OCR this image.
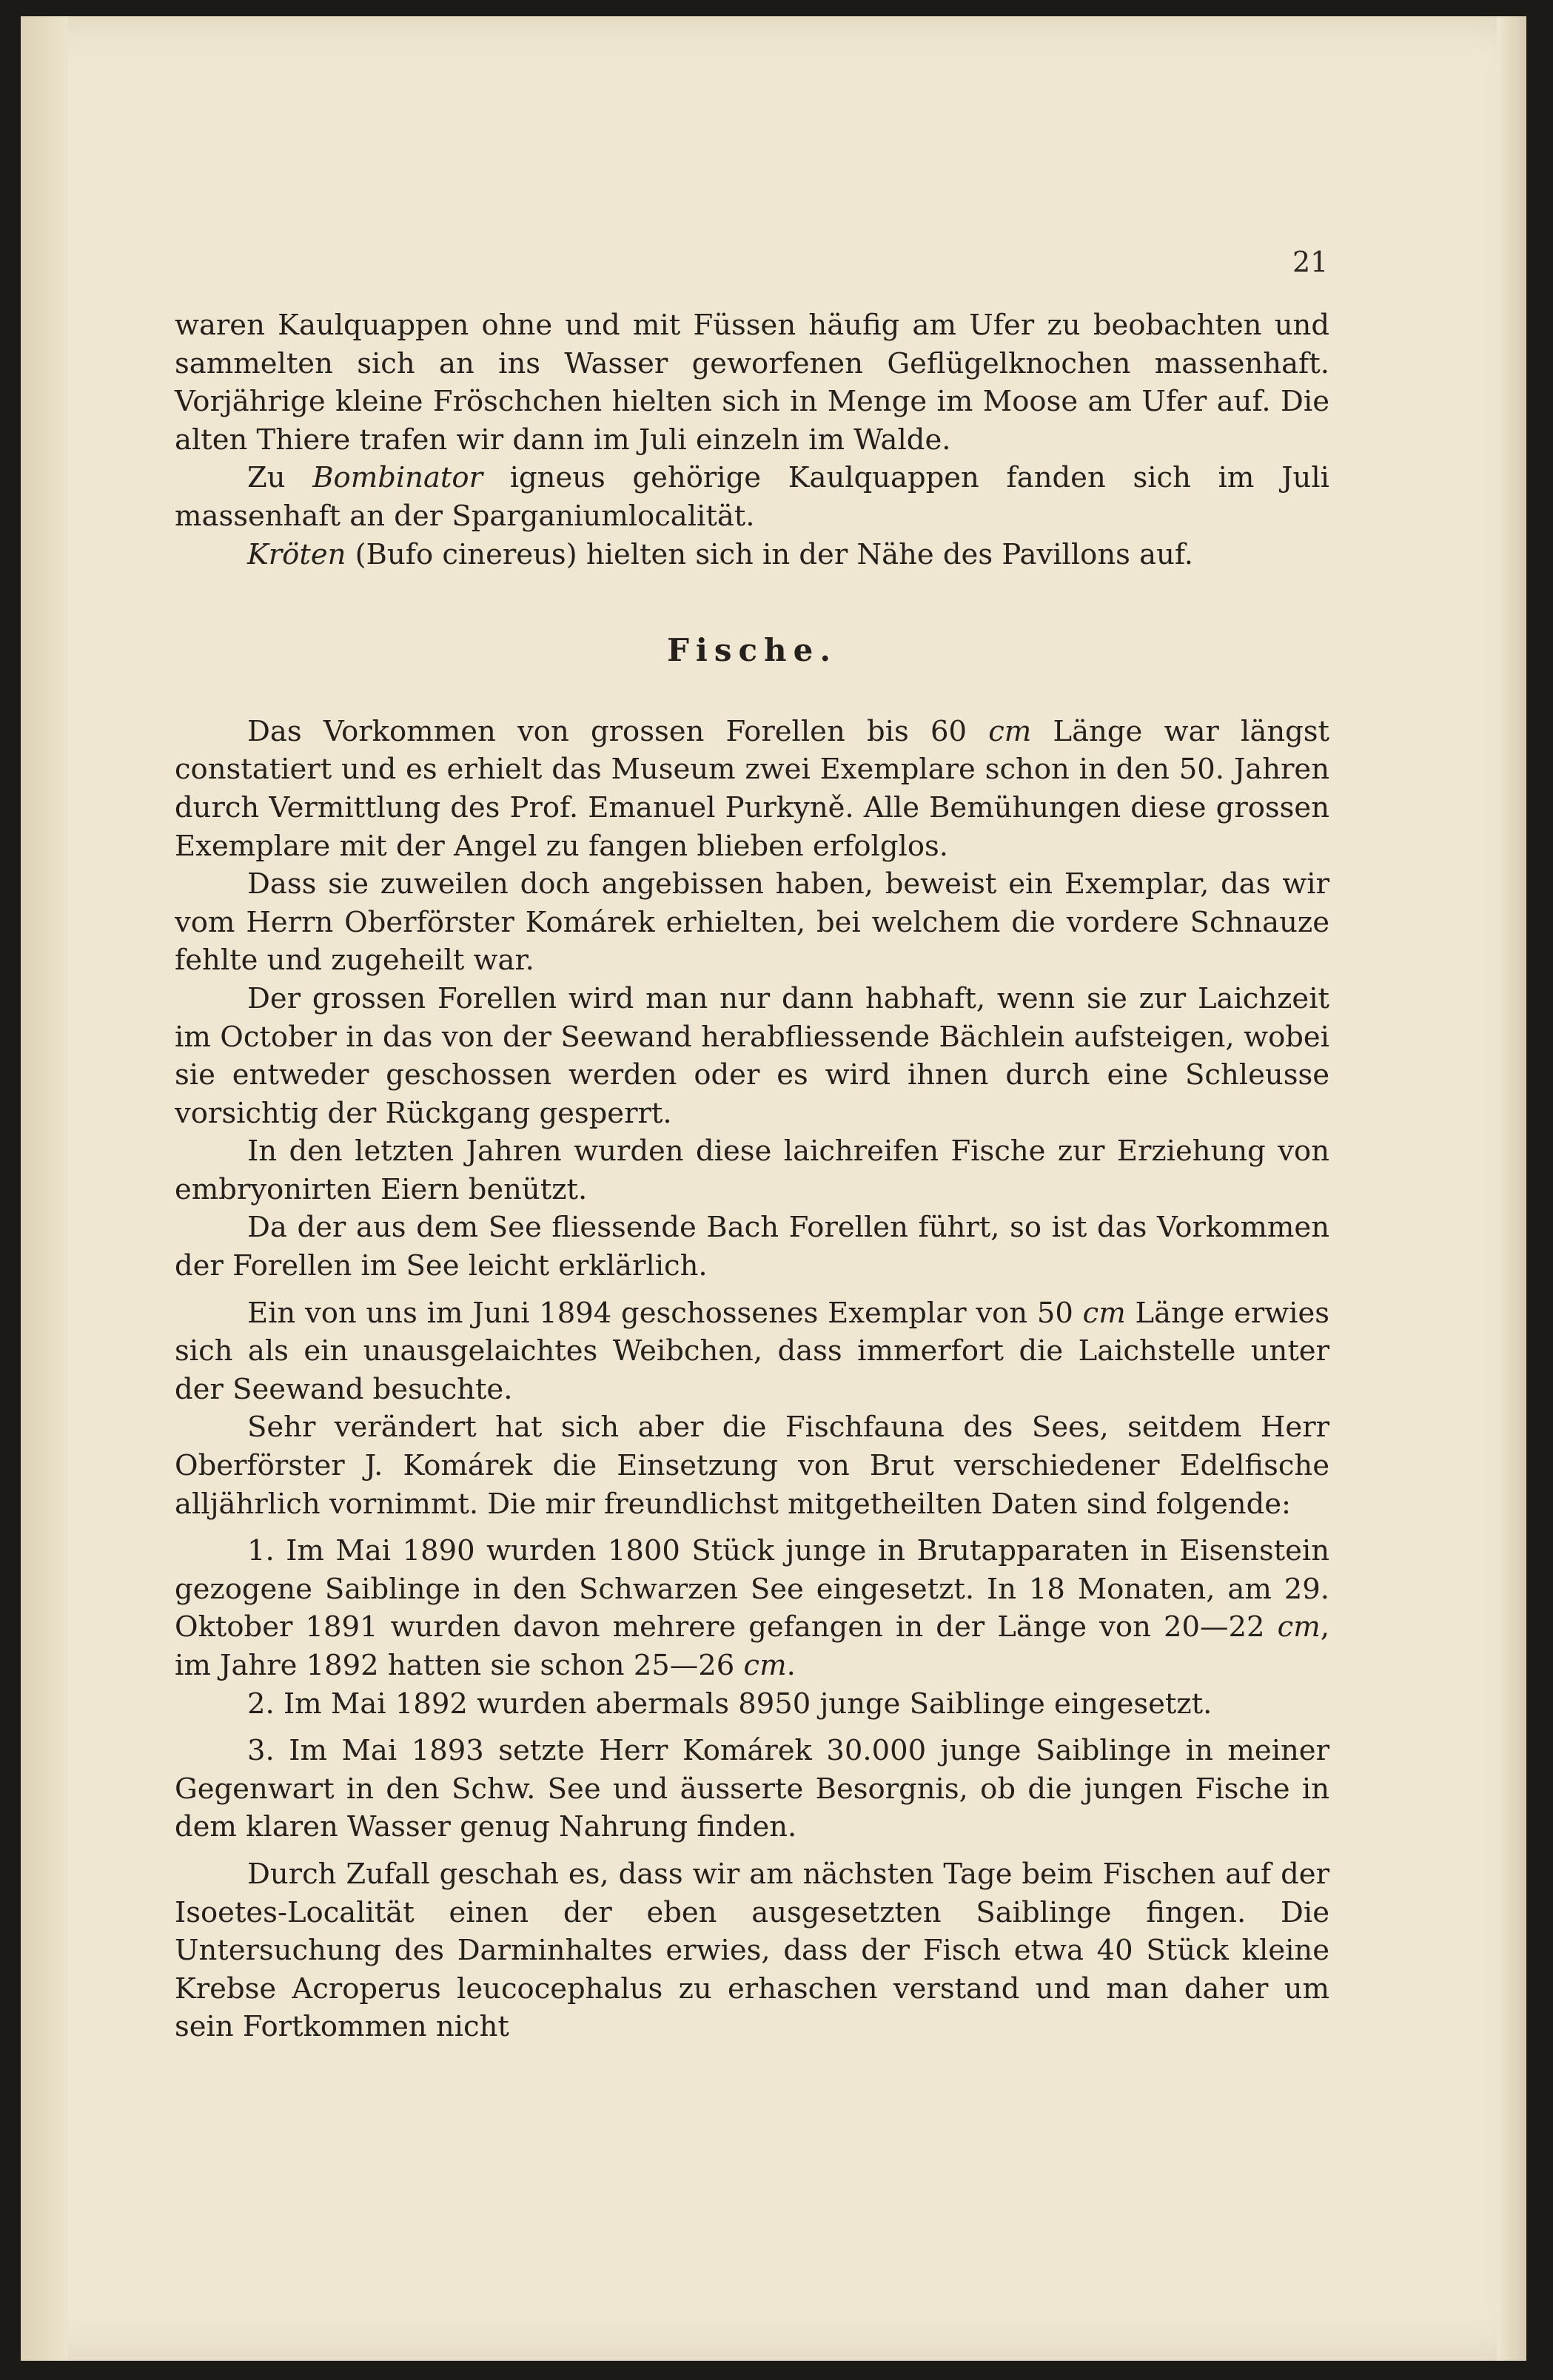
21

waren Kaulquappen ohne und mit Füssen häufig am Ufer zu beobachten und sammelten sich an ins Wasser geworfenen Geflügelknochen massenhaft. Vorjährige kleine Fröschchen hielten sich in Menge im Moose am Ufer auf. Die alten Thiere trafen wir dann im Juli einzeln im Walde.

Zu Bombinator igneus gehörige Kaulquappen fanden sich im Juli massenhaft an der Sparganiumlocalität.

Kröten (Bufo cinereus) hielten sich in der Nähe des Pavillons auf.

Fische.

Das Vorkommen von grossen Forellen bis 60 cm Länge war längst constatiert und es erhielt das Museum zwei Exemplare schon in den 50. Jahren durch Vermittlung des Prof. Emanuel Purkyně. Alle Bemühungen diese grossen Exemplare mit der Angel zu fangen blieben erfolglos.

Dass sie zuweilen doch angebissen haben, beweist ein Exemplar, das wir vom Herrn Oberförster Komárek erhielten, bei welchem die vordere Schnauze fehlte und zugeheilt war.

Der grossen Forellen wird man nur dann habhaft, wenn sie zur Laichzeit im October in das von der Seewand herabfliessende Bächlein aufsteigen, wobei sie entweder geschossen werden oder es wird ihnen durch eine Schleusse vorsichtig der Rückgang gesperrt.

In den letzten Jahren wurden diese laichreifen Fische zur Erziehung von embryonirten Eiern benützt.

Da der aus dem See fliessende Bach Forellen führt, so ist das Vorkommen der Forellen im See leicht erklärlich.

Ein von uns im Juni 1894 geschossenes Exemplar von 50 cm Länge erwies sich als ein unausgelaichtes Weibchen, dass immerfort die Laichstelle unter der Seewand besuchte.

Sehr verändert hat sich aber die Fischfauna des Sees, seitdem Herr Oberförster J. Komárek die Einsetzung von Brut verschiedener Edelfische alljährlich vornimmt. Die mir freundlichst mitgetheilten Daten sind folgende:

1. Im Mai 1890 wurden 1800 Stück junge in Brutapparaten in Eisenstein gezogene Saiblinge in den Schwarzen See eingesetzt. In 18 Monaten, am 29. Oktober 1891 wurden davon mehrere gefangen in der Länge von 20—22 cm, im Jahre 1892 hatten sie schon 25—26 cm.

2. Im Mai 1892 wurden abermals 8950 junge Saiblinge eingesetzt.

3. Im Mai 1893 setzte Herr Komárek 30.000 junge Saiblinge in meiner Gegenwart in den Schw. See und äusserte Besorgnis, ob die jungen Fische in dem klaren Wasser genug Nahrung finden.

Durch Zufall geschah es, dass wir am nächsten Tage beim Fischen auf der Isoetes-Localität einen der eben ausgesetzten Saiblinge fingen. Die Untersuchung des Darminhaltes erwies, dass der Fisch etwa 40 Stück kleine Krebse Acroperus leucocephalus zu erhaschen verstand und man daher um sein Fortkommen nicht
